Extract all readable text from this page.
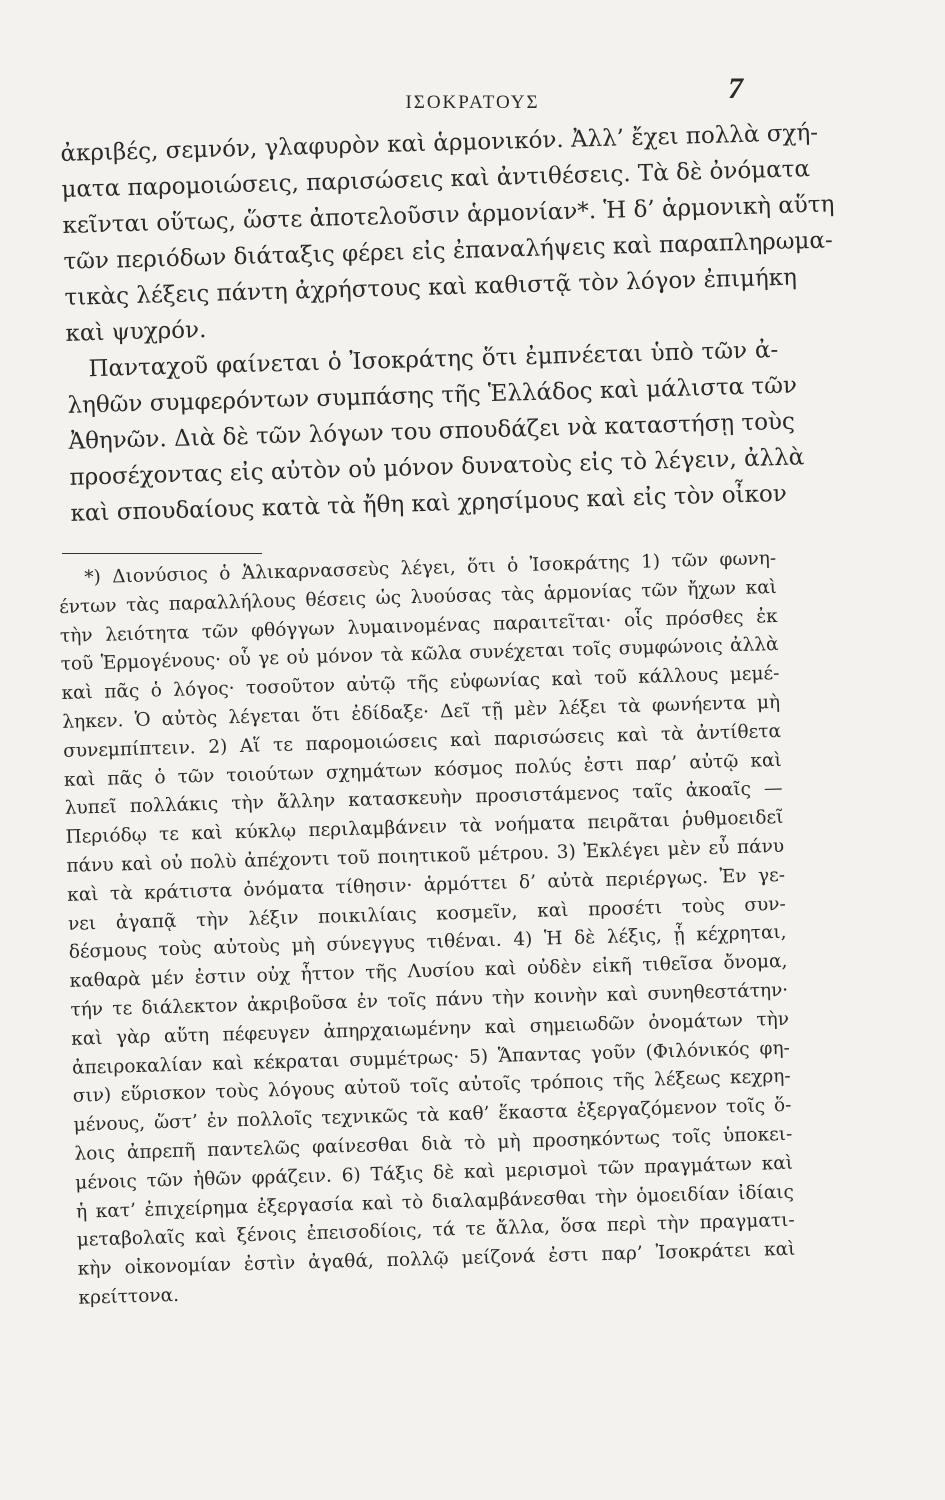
ΙΣΟΚΡΑΤΟΥΣ	7
ἀκριβές, σεμνόν, γλαφυρὸν καὶ ἁρμονικόν. Ἀλλ’ ἔχει πολλὰ σχή-
ματα παρομοιώσεις, παρισώσεις καὶ ἀντιθέσεις. Τὰ δὲ ὀνόματα
κεῖνται οὕτως, ὥστε ἀποτελοῦσιν ἁρμονίαν*. Ἡ δ’ ἁρμονικὴ αὕτη
τῶν περιόδων διάταξις φέρει εἰς ἐπαναλήψεις καὶ παραπληρωμα-
τικὰς λέξεις πάντη ἀχρήστους καὶ καθιστᾷ τὸν λόγον ἐπιμήκη
καὶ ψυχρόν.
Πανταχοῦ φαίνεται ὁ Ἰσοκράτης ὅτι ἐμπνέεται ὑπὸ τῶν ἀ-
ληθῶν συμφερόντων συμπάσης τῆς Ἑλλάδος καὶ μάλιστα τῶν
Ἀθηνῶν. Διὰ δὲ τῶν λόγων του σπουδάζει νὰ καταστήσῃ τοὺς
προσέχοντας εἰς αὐτὸν οὐ μόνον δυνατοὺς εἰς τὸ λέγειν, ἀλλὰ
καὶ σπουδαίους κατὰ τὰ ἤθη καὶ χρησίμους καὶ εἰς τὸν οἶκον
*) Διονύσιος ὁ Ἁλικαρνασσεὺς λέγει, ὅτι ὁ Ἰσοκράτης 1) τῶν φωνη-
έντων τὰς παραλλήλους θέσεις ὡς λυούσας τὰς ἁρμονίας τῶν ἤχων καὶ
τὴν λειότητα τῶν φθόγγων λυμαινομένας παραιτεῖται· οἷς πρόσθες ἐκ
τοῦ Ἑρμογένους· οὗ γε οὐ μόνον τὰ κῶλα συνέχεται τοῖς συμφώνοις ἀλλὰ
καὶ πᾶς ὁ λόγος· τοσοῦτον αὐτῷ τῆς εὐφωνίας καὶ τοῦ κάλλους μεμέ-
ληκεν. Ὁ αὐτὸς λέγεται ὅτι ἐδίδαξε· Δεῖ τῇ μὲν λέξει τὰ φωνήεντα μὴ
συνεμπίπτειν. 2) Αἵ τε παρομοιώσεις καὶ παρισώσεις καὶ τὰ ἀντίθετα
καὶ πᾶς ὁ τῶν τοιούτων σχημάτων κόσμος πολύς ἐστι παρ’ αὐτῷ καὶ
λυπεῖ πολλάκις τὴν ἄλλην κατασκευὴν προσιστάμενος ταῖς ἀκοαῖς —
Περιόδῳ τε καὶ κύκλῳ περιλαμβάνειν τὰ νοήματα πειρᾶται ῥυθμοειδεῖ
πάνυ καὶ οὐ πολὺ ἀπέχοντι τοῦ ποιητικοῦ μέτρου. 3) Ἐκλέγει μὲν εὖ πάνυ
καὶ τὰ κράτιστα ὀνόματα τίθησιν· ἁρμόττει δ’ αὐτὰ περιέργως. Ἐν γε-
νει ἀγαπᾷ τὴν λέξιν ποικιλίαις κοσμεῖν, καὶ προσέτι τοὺς συν-
δέσμους τοὺς αὐτοὺς μὴ σύνεγγυς τιθέναι. 4) Ἡ δὲ λέξις, ᾗ κέχρηται,
καθαρὰ μέν ἐστιν οὐχ ἧττον τῆς Λυσίου καὶ οὐδὲν εἰκῆ τιθεῖσα ὄνομα,
τήν τε διάλεκτον ἀκριβοῦσα ἐν τοῖς πάνυ τὴν κοινὴν καὶ συνηθεστάτην·
καὶ γὰρ αὕτη πέφευγεν ἀπηρχαιωμένην καὶ σημειωδῶν ὀνομάτων τὴν
ἀπειροκαλίαν καὶ κέκραται συμμέτρως· 5) Ἅπαντας γοῦν (Φιλόνικός φη-
σιν) εὕρισκον τοὺς λόγους αὐτοῦ τοῖς αὐτοῖς τρόποις τῆς λέξεως κεχρη-
μένους, ὥστ’ ἐν πολλοῖς τεχνικῶς τὰ καθ’ ἕκαστα ἐξεργαζόμενον τοῖς ὅ-
λοις ἀπρεπῆ παντελῶς φαίνεσθαι διὰ τὸ μὴ προσηκόντως τοῖς ὑποκει-
μένοις τῶν ἠθῶν φράζειν. 6) Τάξις δὲ καὶ μερισμοὶ τῶν πραγμάτων καὶ
ἡ κατ’ ἐπιχείρημα ἐξεργασία καὶ τὸ διαλαμβάνεσθαι τὴν ὁμοειδίαν ἰδίαις
μεταβολαῖς καὶ ξένοις ἐπεισοδίοις, τά τε ἄλλα, ὅσα περὶ τὴν πραγματι-
κὴν οἰκονομίαν ἐστὶν ἀγαθά, πολλῷ μείζονά ἐστι παρ’ Ἰσοκράτει καὶ
κρείττονα.
